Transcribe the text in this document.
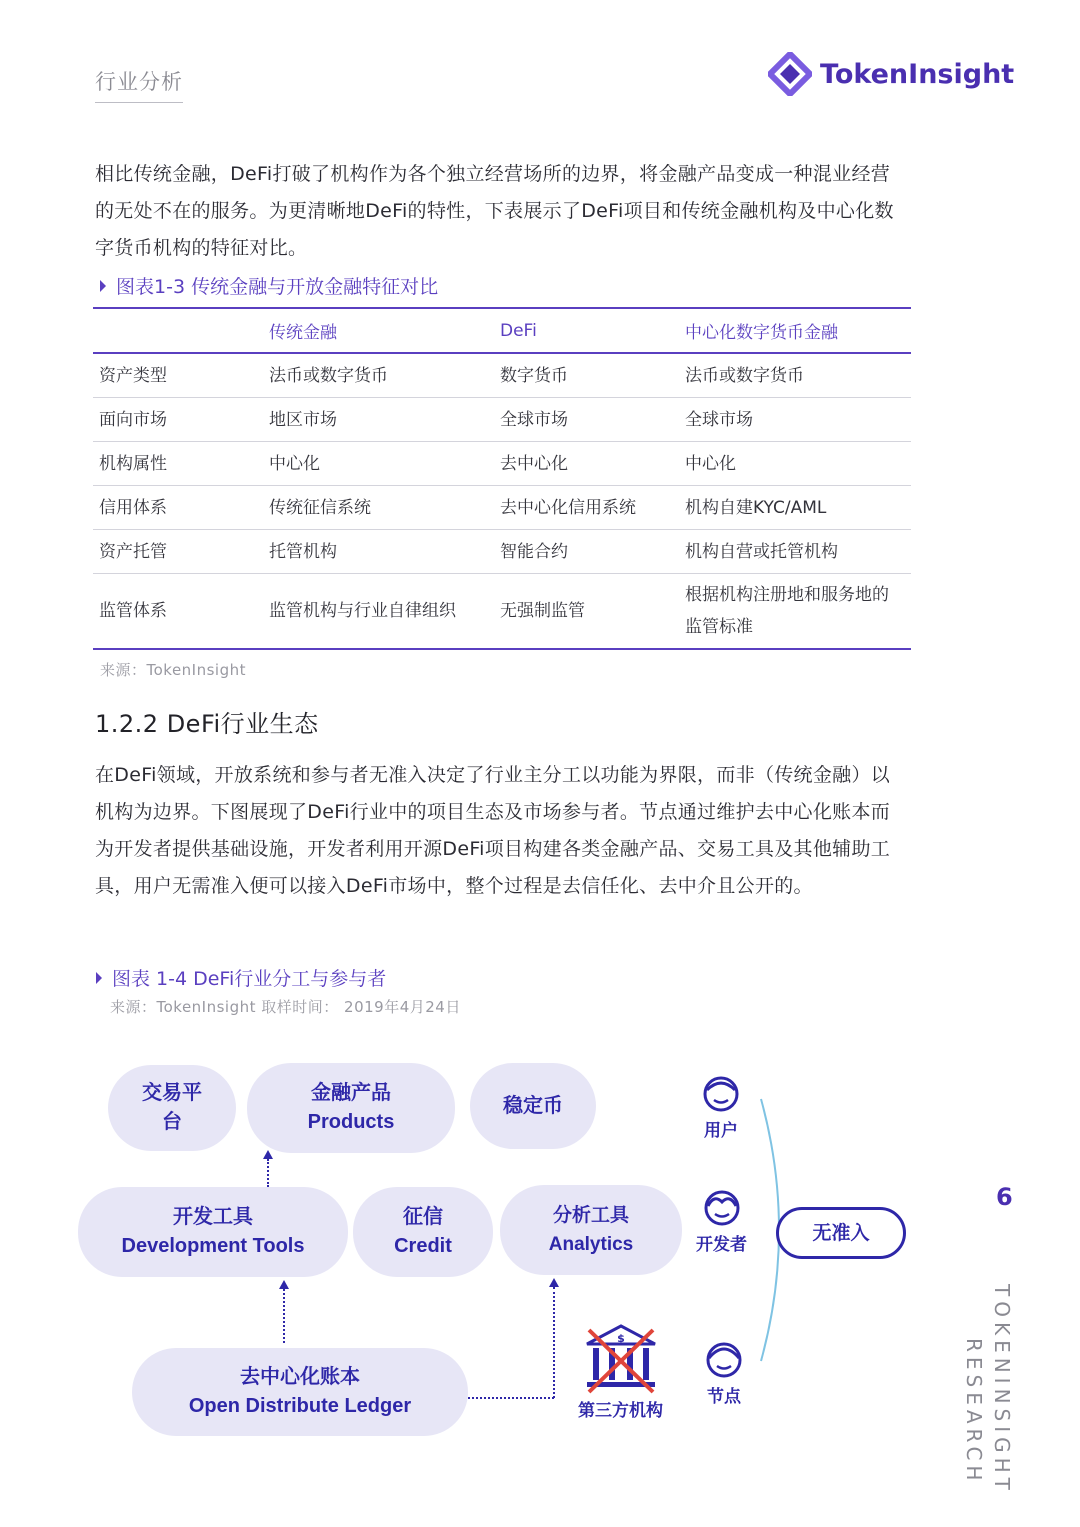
行业分析	TokenInsight
相比传统金融，DeFi打破了机构作为各个独立经营场所的边界，将金融产品变成一种混业经营的无处不在的服务。为更清晰地DeFi的特性，下表展示了DeFi项目和传统金融机构及中心化数字货币机构的特征对比。
图表1-3 传统金融与开放金融特征对比
	传统金融	DeFi	中心化数字货币金融
资产类型	法币或数字货币	数字货币	法币或数字货币
面向市场	地区市场	全球市场	全球市场
机构属性	中心化	去中心化	中心化
信用体系	传统征信系统	去中心化信用系统	机构自建KYC/AML
资产托管	托管机构	智能合约	机构自营或托管机构
监管体系	监管机构与行业自律组织	无强制监管	根据机构注册地和服务地的监管标准
来源：TokenInsight
1.2.2 DeFi行业生态
在DeFi领域，开放系统和参与者无准入决定了行业主分工以功能为界限，而非（传统金融）以机构为边界。下图展现了DeFi行业中的项目生态及市场参与者。节点通过维护去中心化账本而为开发者提供基础设施，开发者利用开源DeFi项目构建各类金融产品、交易工具及其他辅助工具，用户无需准入便可以接入DeFi市场中，整个过程是去信任化、去中介且公开的。
图表 1-4 DeFi行业分工与参与者
来源：TokenInsight 取样时间： 2019年4月24日
交易平
台
金融产品
Products
稳定币
开发工具
Development Tools
征信
Credit
分析工具
Analytics
去中心化账本
Open Distribute Ledger
$
第三方机构
用户
开发者
节点
无准入
6
TOKENINSIGHT
RESEARCH
